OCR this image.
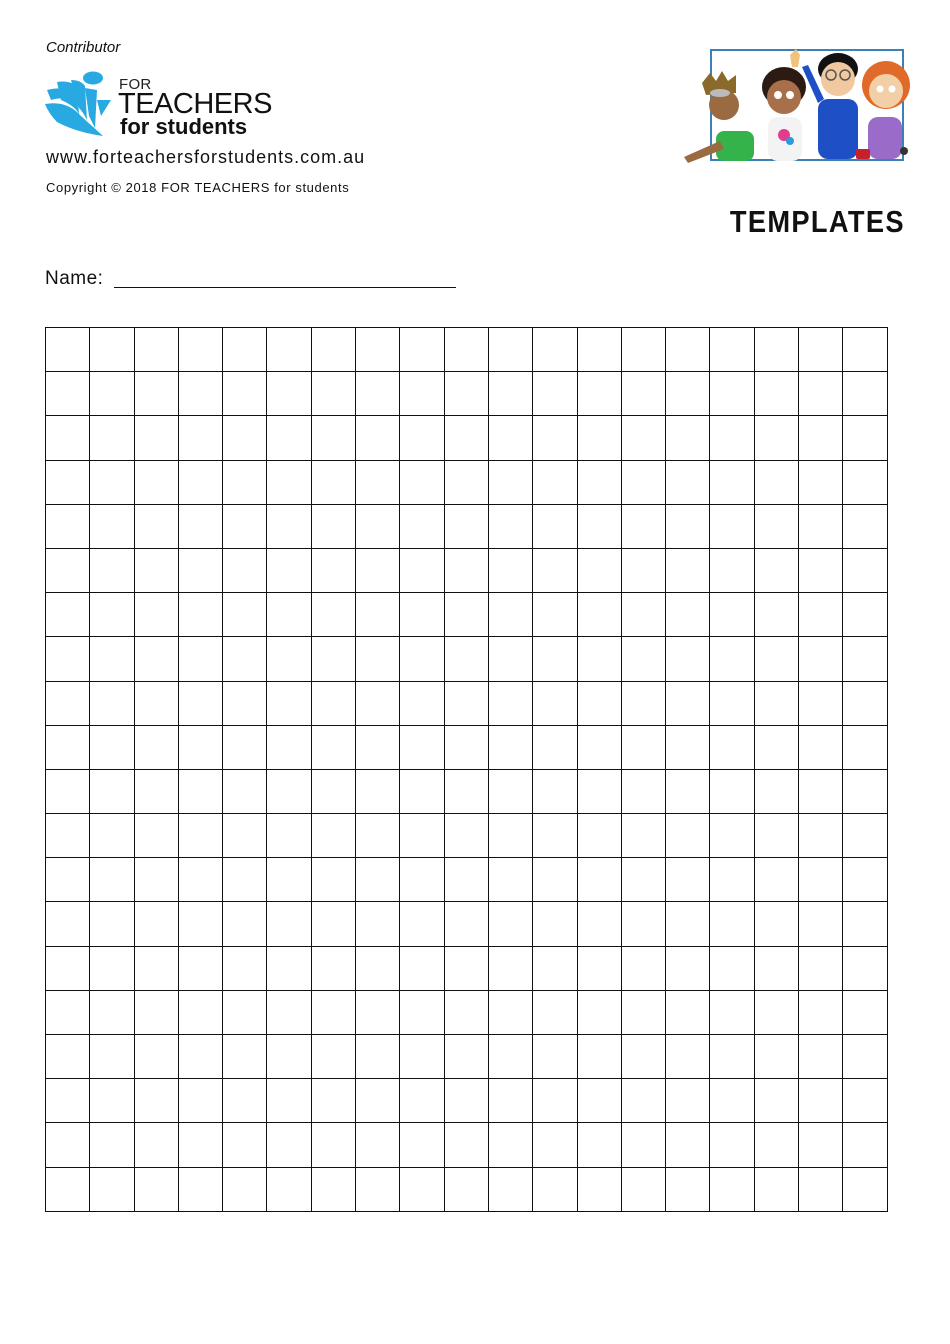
Contributor
FOR
TEACHERS
for students
www.forteachersforstudents.com.au
Copyright © 2018 FOR TEACHERS for students
TEMPLATES
Name:
